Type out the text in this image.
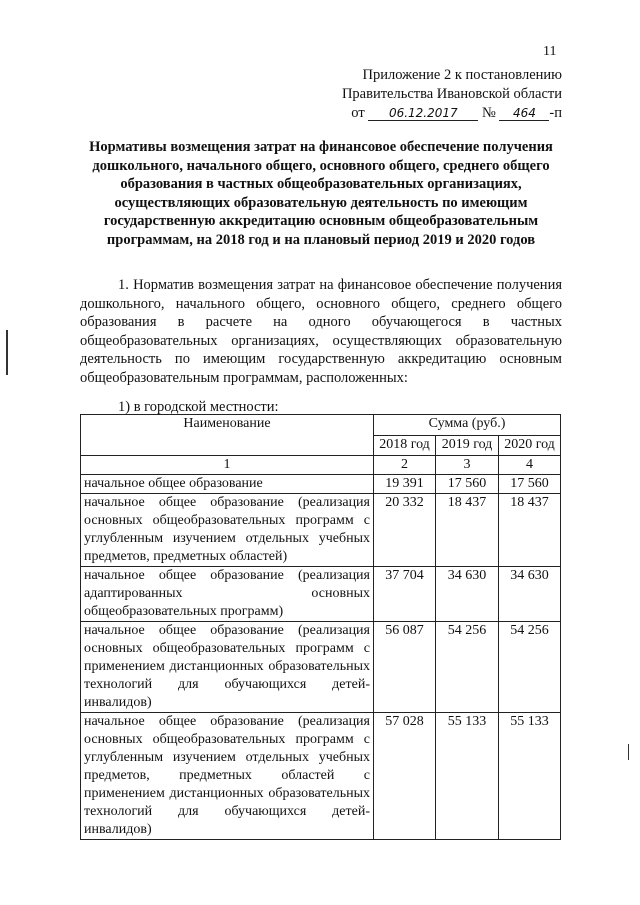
11
Приложение 2 к постановлению
Правительства Ивановской области
от 06.12.2017 № 464 -п
Нормативы возмещения затрат на финансовое обеспечение получения дошкольного, начального общего, основного общего, среднего общего образования в частных общеобразовательных организациях, осуществляющих образовательную деятельность по имеющим государственную аккредитацию основным общеобразовательным программам, на 2018 год и на плановый период 2019 и 2020 годов
1. Норматив возмещения затрат на финансовое обеспечение получения дошкольного, начального общего, основного общего, среднего общего образования в расчете на одного обучающегося в частных общеобразовательных организациях, осуществляющих образовательную деятельность по имеющим государственную аккредитацию основным общеобразовательным программам, расположенных:
1) в городской местности:
Наименование	Сумма (руб.)		
	2018 год	2019 год	2020 год
1	2	3	4
начальное общее образование	19 391	17 560	17 560
начальное общее образование (реализация основных общеобразовательных программ с углубленным изучением отдельных учебных предметов, предметных областей)	20 332	18 437	18 437
начальное общее образование (реализация адаптированных основных общеобразовательных программ)	37 704	34 630	34 630
начальное общее образование (реализация основных общеобразовательных программ с применением дистанционных образовательных технологий для обучающихся детей-инвалидов)	56 087	54 256	54 256
начальное общее образование (реализация основных общеобразовательных программ с углубленным изучением отдельных учебных предметов, предметных областей с применением дистанционных образовательных технологий для обучающихся детей-инвалидов)	57 028	55 133	55 133
